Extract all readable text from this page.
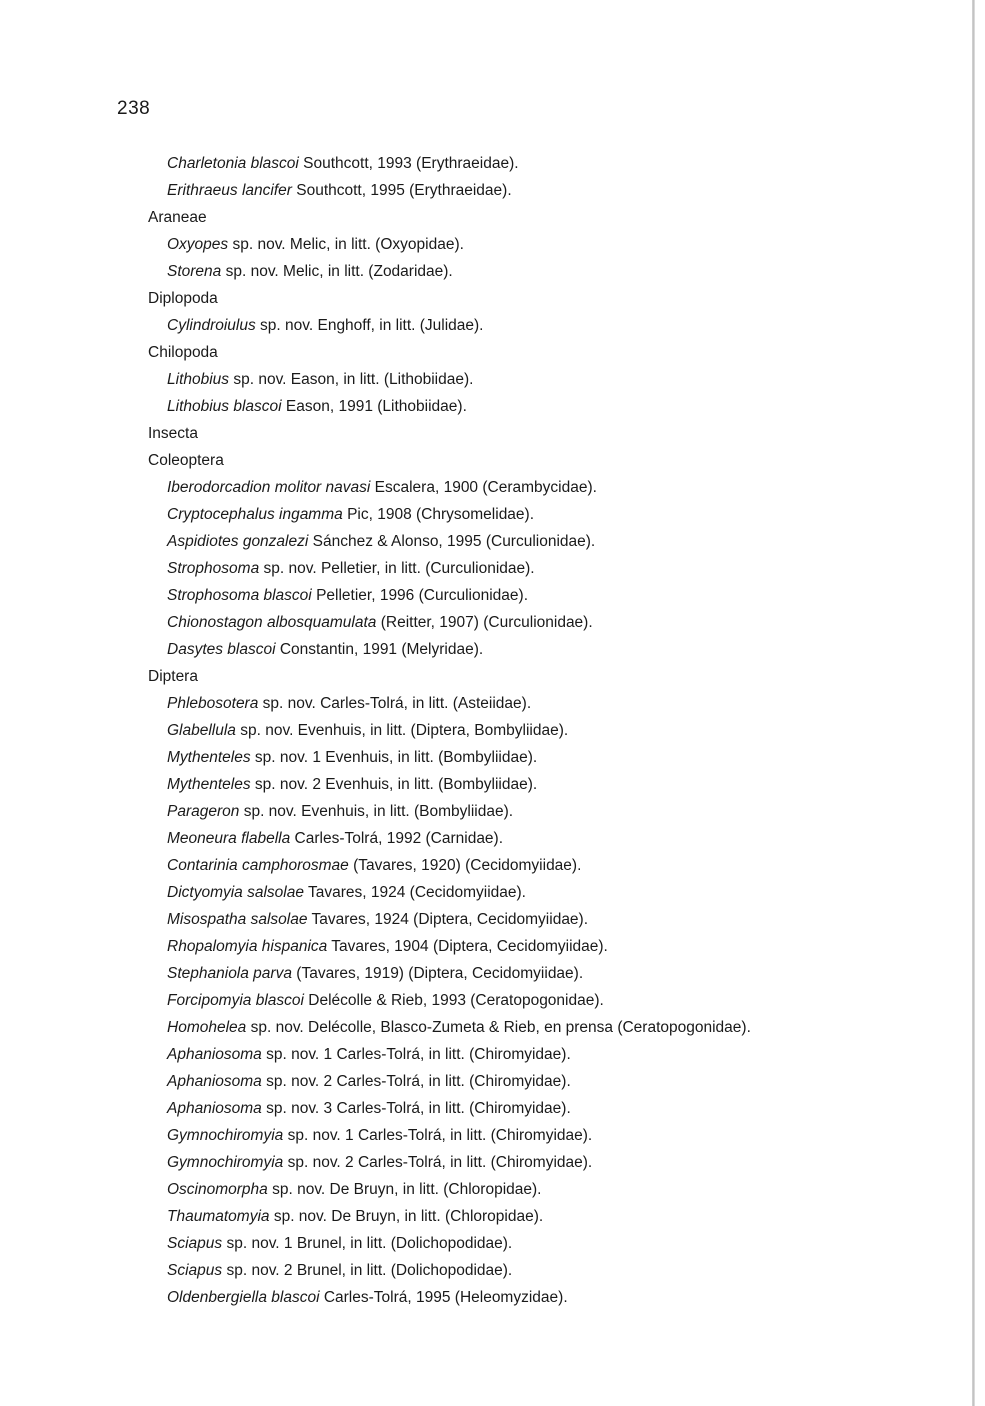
238
Charletonia blascoi Southcott, 1993 (Erythraeidae).
Erithraeus lancifer Southcott, 1995 (Erythraeidae).
Araneae
Oxyopes sp. nov. Melic, in litt. (Oxyopidae).
Storena sp. nov. Melic, in litt. (Zodaridae).
Diplopoda
Cylindroiulus sp. nov. Enghoff, in litt. (Julidae).
Chilopoda
Lithobius sp. nov. Eason, in litt. (Lithobiidae).
Lithobius blascoi Eason, 1991 (Lithobiidae).
Insecta
Coleoptera
Iberodorcadion molitor navasi Escalera, 1900 (Cerambycidae).
Cryptocephalus ingamma Pic, 1908 (Chrysomelidae).
Aspidiotes gonzalezi Sánchez & Alonso, 1995 (Curculionidae).
Strophosoma sp. nov. Pelletier, in litt. (Curculionidae).
Strophosoma blascoi Pelletier, 1996 (Curculionidae).
Chionostagon albosquamulata (Reitter, 1907) (Curculionidae).
Dasytes blascoi Constantin, 1991 (Melyridae).
Diptera
Phlebosotera sp. nov. Carles-Tolrá, in litt. (Asteiidae).
Glabellula sp. nov. Evenhuis, in litt. (Diptera, Bombyliidae).
Mythenteles sp. nov. 1 Evenhuis, in litt. (Bombyliidae).
Mythenteles sp. nov. 2 Evenhuis, in litt. (Bombyliidae).
Parageron sp. nov. Evenhuis, in litt. (Bombyliidae).
Meoneura flabella Carles-Tolrá, 1992 (Carnidae).
Contarinia camphorosmae (Tavares, 1920) (Cecidomyiidae).
Dictyomyia salsolae Tavares, 1924 (Cecidomyiidae).
Misospatha salsolae Tavares, 1924 (Diptera, Cecidomyiidae).
Rhopalomyia hispanica Tavares, 1904 (Diptera, Cecidomyiidae).
Stephaniola parva (Tavares, 1919) (Diptera, Cecidomyiidae).
Forcipomyia blascoi Delécolle & Rieb, 1993 (Ceratopogonidae).
Homohelea sp. nov. Delécolle, Blasco-Zumeta & Rieb, en prensa (Ceratopogonidae).
Aphaniosoma sp. nov. 1 Carles-Tolrá, in litt. (Chiromyidae).
Aphaniosoma sp. nov. 2 Carles-Tolrá, in litt. (Chiromyidae).
Aphaniosoma sp. nov. 3 Carles-Tolrá, in litt. (Chiromyidae).
Gymnochiromyia sp. nov. 1 Carles-Tolrá, in litt. (Chiromyidae).
Gymnochiromyia sp. nov. 2 Carles-Tolrá, in litt. (Chiromyidae).
Oscinomorpha sp. nov. De Bruyn, in litt. (Chloropidae).
Thaumatomyia sp. nov. De Bruyn, in litt. (Chloropidae).
Sciapus sp. nov. 1 Brunel, in litt. (Dolichopodidae).
Sciapus sp. nov. 2 Brunel, in litt. (Dolichopodidae).
Oldenbergiella blascoi Carles-Tolrá, 1995 (Heleomyzidae).
